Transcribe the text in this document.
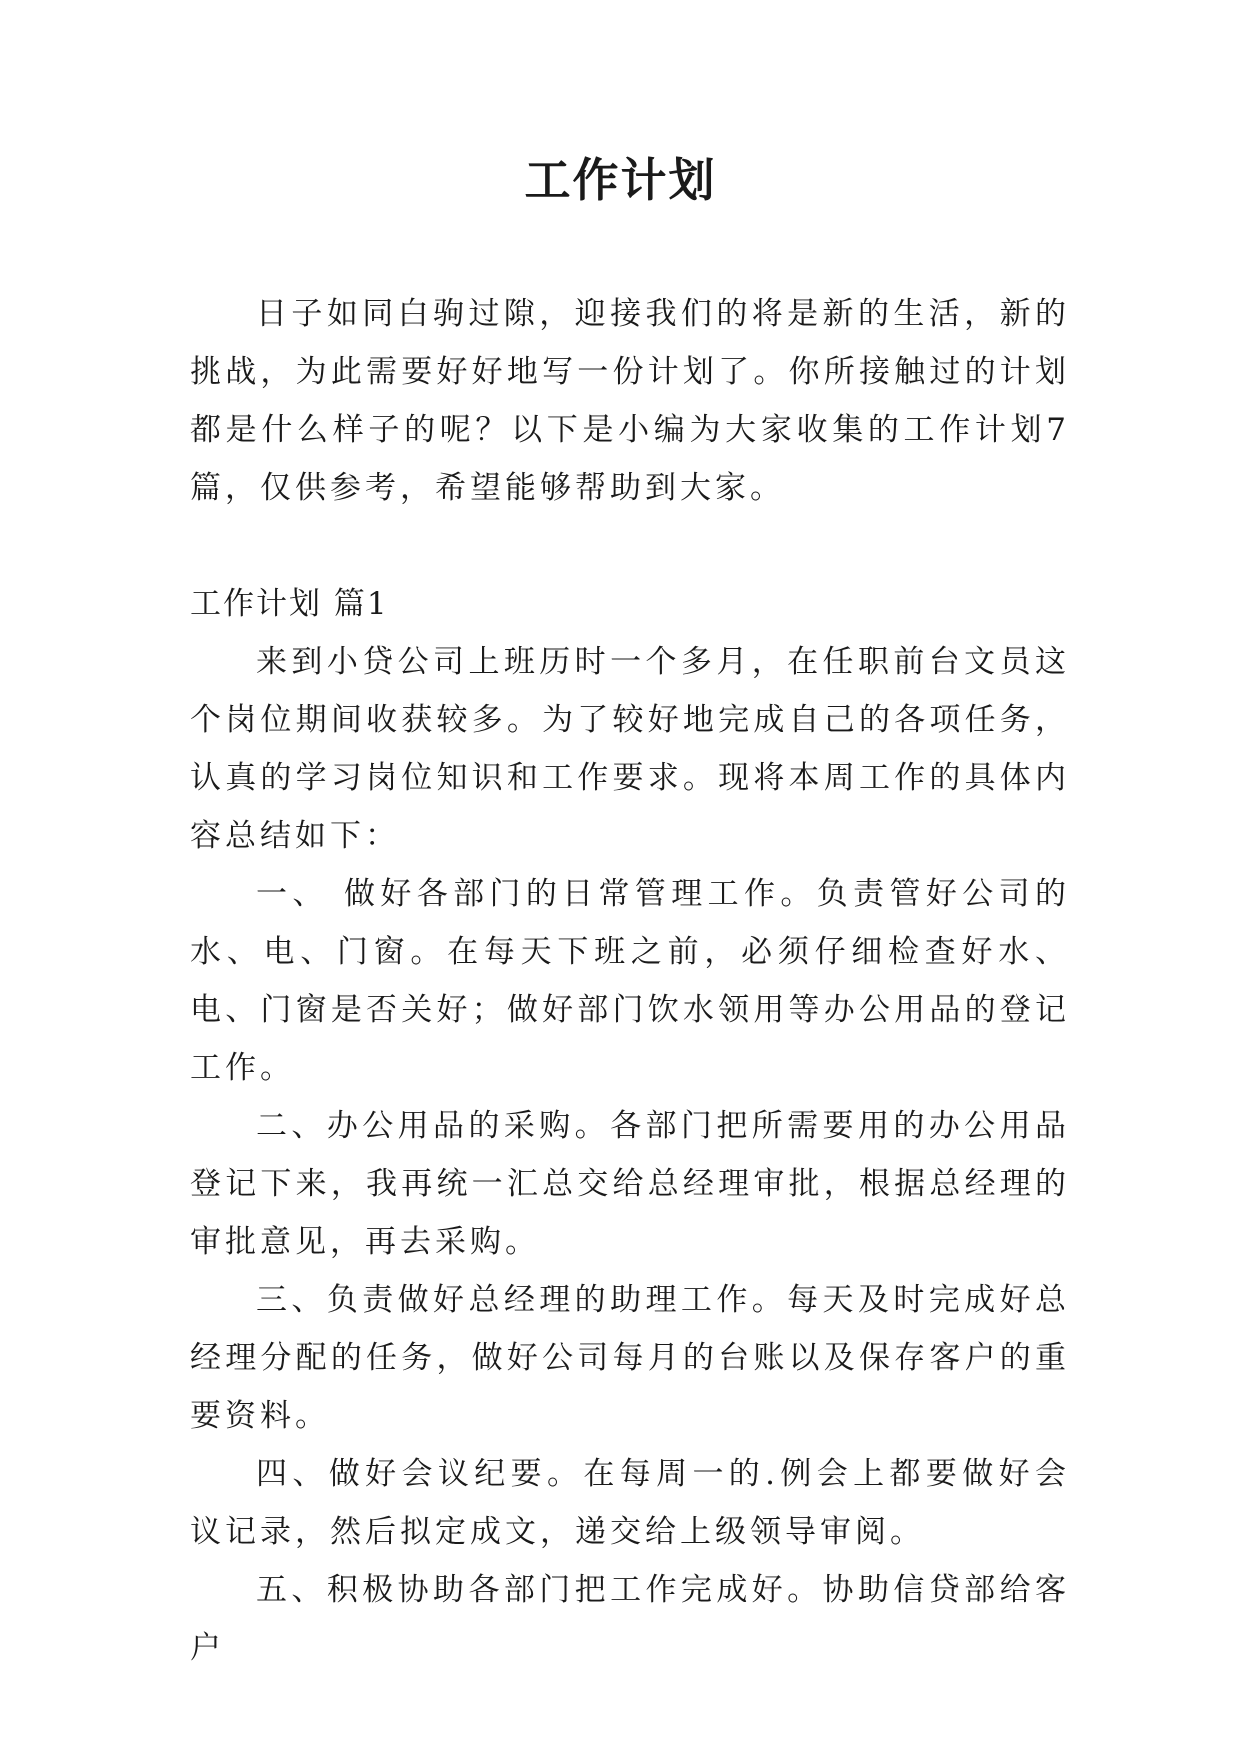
工作计划

日子如同白驹过隙，迎接我们的将是新的生活，新的挑战，为此需要好好地写一份计划了。你所接触过的计划都是什么样子的呢？以下是小编为大家收集的工作计划7篇，仅供参考，希望能够帮助到大家。

工作计划 篇1

来到小贷公司上班历时一个多月，在任职前台文员这个岗位期间收获较多。为了较好地完成自己的各项任务，认真的学习岗位知识和工作要求。现将本周工作的具体内容总结如下：

一、 做好各部门的日常管理工作。负责管好公司的水、电、门窗。在每天下班之前，必须仔细检查好水、电、门窗是否关好；做好部门饮水领用等办公用品的登记工作。

二、办公用品的采购。各部门把所需要用的办公用品登记下来，我再统一汇总交给总经理审批，根据总经理的审批意见，再去采购。

三、负责做好总经理的助理工作。每天及时完成好总经理分配的任务，做好公司每月的台账以及保存客户的重要资料。

四、做好会议纪要。在每周一的.例会上都要做好会议记录，然后拟定成文，递交给上级领导审阅。

五、积极协助各部门把工作完成好。协助信贷部给客户
